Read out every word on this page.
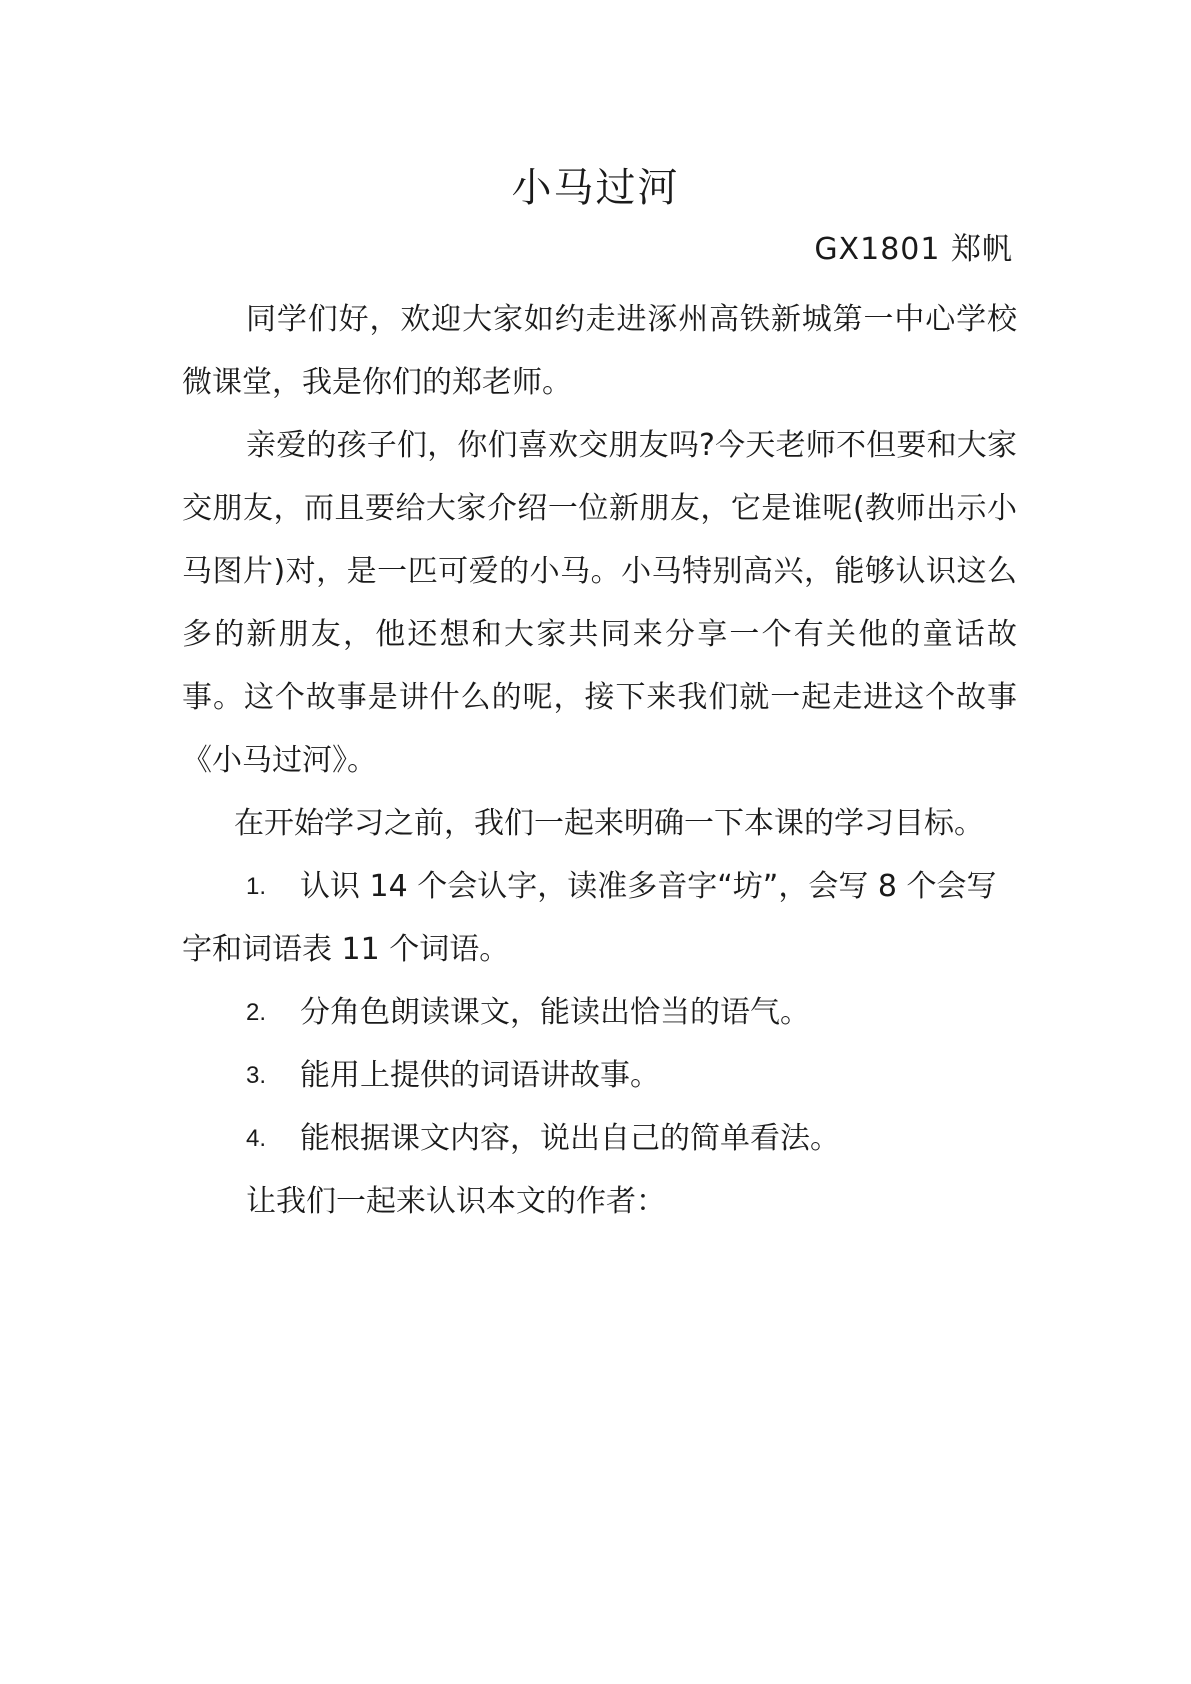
小马过河
GX1801 郑帆

同学们好，欢迎大家如约走进涿州高铁新城第一中心学校微课堂，我是你们的郑老师。

亲爱的孩子们，你们喜欢交朋友吗?今天老师不但要和大家交朋友，而且要给大家介绍一位新朋友，它是谁呢(教师出示小马图片)对，是一匹可爱的小马。小马特别高兴，能够认识这么多的新朋友，他还想和大家共同来分享一个有关他的童话故事。这个故事是讲什么的呢，接下来我们就一起走进这个故事《小马过河》。

在开始学习之前，我们一起来明确一下本课的学习目标。

1. 认识 14 个会认字，读准多音字“坊”，会写 8 个会写字和词语表 11 个词语。
2. 分角色朗读课文，能读出恰当的语气。
3. 能用上提供的词语讲故事。
4. 能根据课文内容，说出自己的简单看法。

让我们一起来认识本文的作者：
